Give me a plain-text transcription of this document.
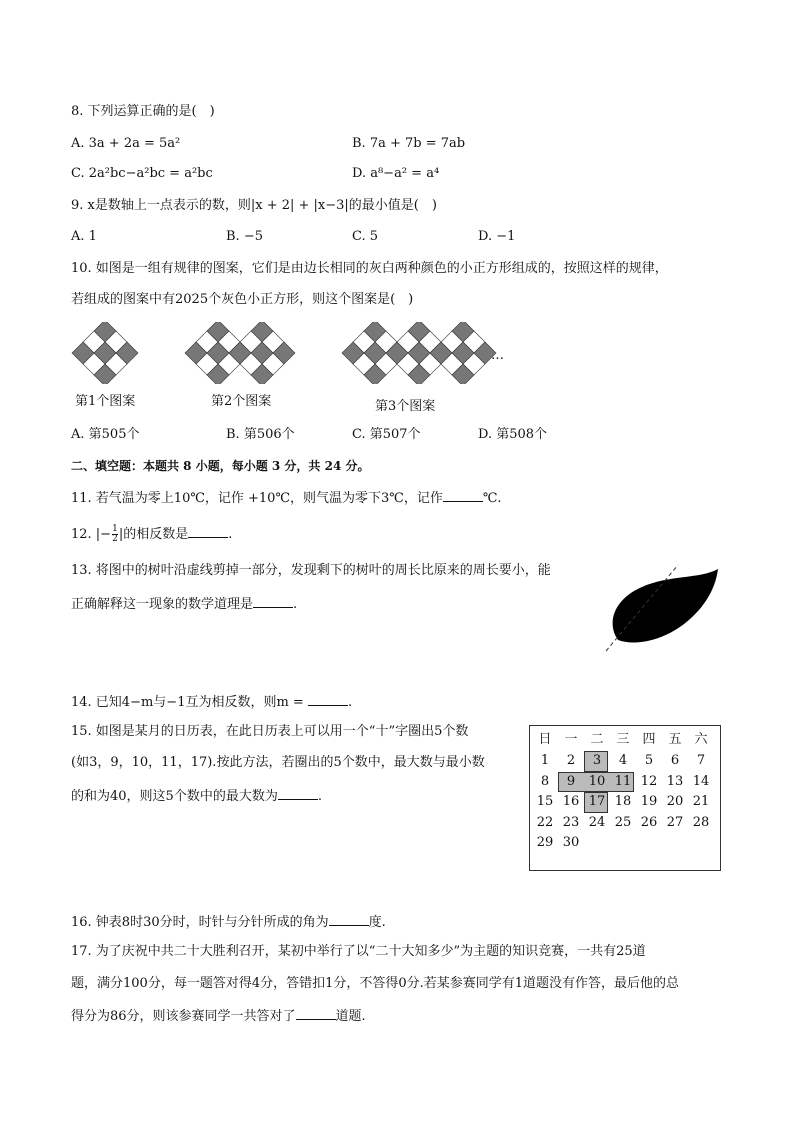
8. 下列运算正确的是(　)
A. 3a + 2a = 5a²	B. 7a + 7b = 7ab
C. 2a²bc−a²bc = a²bc	D. a⁸−a² = a⁴
9. x是数轴上一点表示的数，则|x + 2| + |x−3|的最小值是(　)
A. 1	B. −5	C. 5	D. −1
10. 如图是一组有规律的图案，它们是由边长相同的灰白两种颜色的小正方形组成的，按照这样的规律，
若组成的图案中有2025个灰色小正方形，则这个图案是(　)
第1个图案	第2个图案	第3个图案
…
A. 第505个	B. 第506个	C. 第507个	D. 第508个
二、填空题：本题共 8 小题，每小题 3 分，共 24 分。
11. 若气温为零上10℃，记作 +10℃，则气温为零下3℃，记作	℃.
12. |− $\frac{1}{2}$ |的相反数是	.
13. 将图中的树叶沿虚线剪掉一部分，发现剩下的树叶的周长比原来的周长要小，能
正确解释这一现象的数学道理是	.
14. 已知4−m与−1互为相反数，则m =	.
15. 如图是某月的日历表，在此日历表上可以用一个“十”字圈出5个数
(如3，9，10，11，17).按此方法，若圈出的5个数中，最大数与最小数
的和为40，则这5个数中的最大数为	.
日 一 二 三 四 五 六
1	2	3	4	5	6	7
8	9	10 11 12 13 14
15 16 17 18 19 20 21
22 23 24 25 26 27 28
29 30
16. 钟表8时30分时，时针与分针所成的角为	度.
17. 为了庆祝中共二十大胜利召开，某初中举行了以“二十大知多少”为主题的知识竞赛，一共有25道
题，满分100分，每一题答对得4分，答错扣1分，不答得0分.若某参赛同学有1道题没有作答，最后他的总
得分为86分，则该参赛同学一共答对了	道题.
